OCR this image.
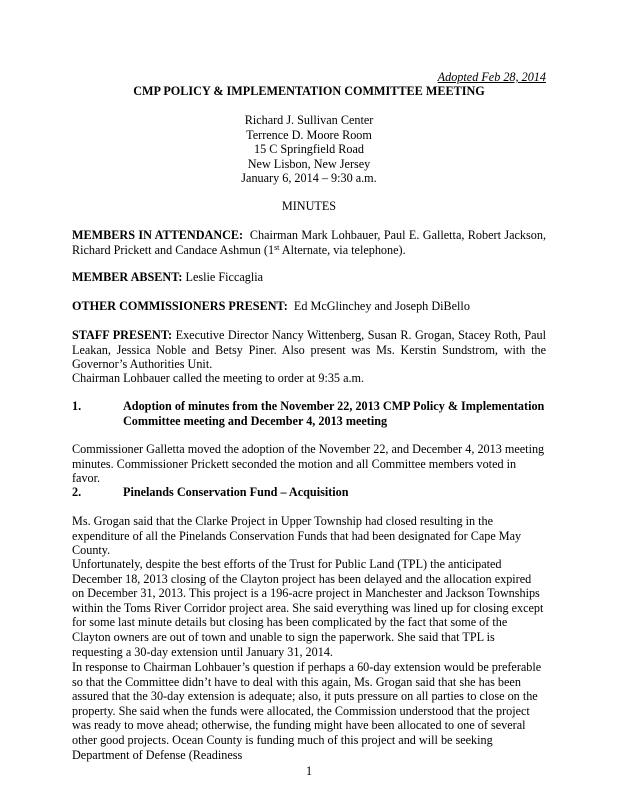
Adopted Feb 28, 2014
CMP POLICY & IMPLEMENTATION COMMITTEE MEETING
Richard J. Sullivan Center
Terrence D. Moore Room
15 C Springfield Road
New Lisbon, New Jersey
January 6, 2014 – 9:30 a.m.
MINUTES
MEMBERS IN ATTENDANCE: Chairman Mark Lohbauer, Paul E. Galletta, Robert Jackson, Richard Prickett and Candace Ashmun (1st Alternate, via telephone).
MEMBER ABSENT: Leslie Ficcaglia
OTHER COMMISSIONERS PRESENT: Ed McGlinchey and Joseph DiBello
STAFF PRESENT: Executive Director Nancy Wittenberg, Susan R. Grogan, Stacey Roth, Paul Leakan, Jessica Noble and Betsy Piner. Also present was Ms. Kerstin Sundstrom, with the Governor’s Authorities Unit.
Chairman Lohbauer called the meeting to order at 9:35 a.m.
1.	Adoption of minutes from the November 22, 2013 CMP Policy & Implementation
Committee meeting and December 4, 2013 meeting
Commissioner Galletta moved the adoption of the November 22, and December 4, 2013 meeting minutes. Commissioner Prickett seconded the motion and all Committee members voted in favor.
2.	Pinelands Conservation Fund – Acquisition
Ms. Grogan said that the Clarke Project in Upper Township had closed resulting in the expenditure of all the Pinelands Conservation Funds that had been designated for Cape May County.
Unfortunately, despite the best efforts of the Trust for Public Land (TPL) the anticipated December 18, 2013 closing of the Clayton project has been delayed and the allocation expired on December 31, 2013. This project is a 196-acre project in Manchester and Jackson Townships within the Toms River Corridor project area. She said everything was lined up for closing except for some last minute details but closing has been complicated by the fact that some of the Clayton owners are out of town and unable to sign the paperwork. She said that TPL is requesting a 30-day extension until January 31, 2014.
In response to Chairman Lohbauer’s question if perhaps a 60-day extension would be preferable so that the Committee didn’t have to deal with this again, Ms. Grogan said that she has been assured that the 30-day extension is adequate; also, it puts pressure on all parties to close on the property. She said when the funds were allocated, the Commission understood that the project was ready to move ahead; otherwise, the funding might have been allocated to one of several other good projects. Ocean County is funding much of this project and will be seeking Department of Defense (Readiness
1
